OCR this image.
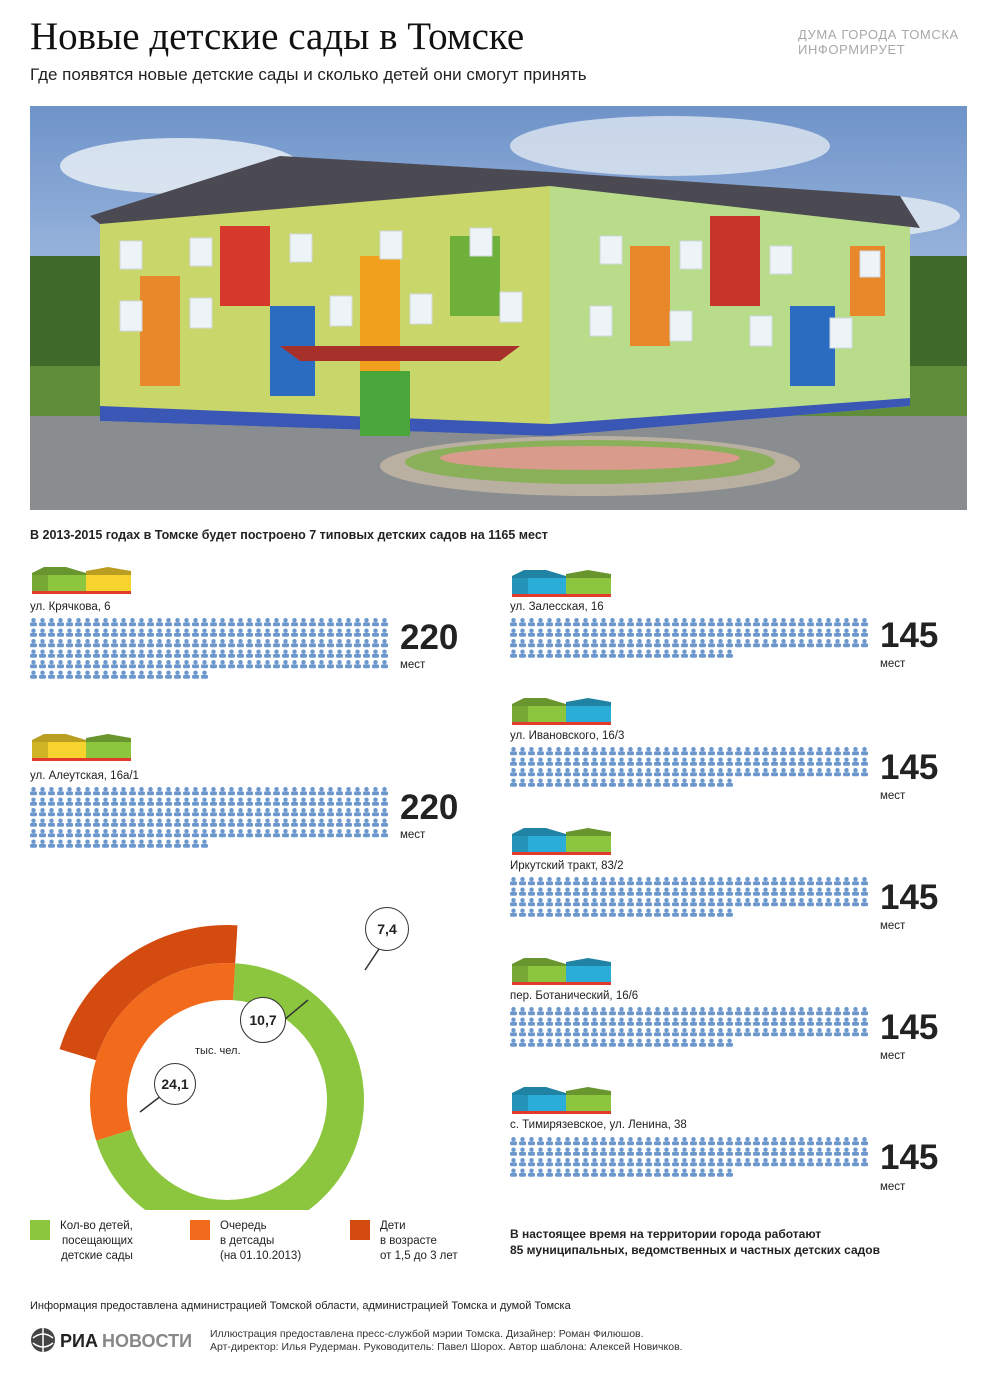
Новые детские сады в Томске
Где появятся новые детские сады и сколько детей они смогут принять
ДУМА ГОРОДА ТОМСКА
ИНФОРМИРУЕТ
В 2013-2015 годах в Томске будет построено 7 типовых детских садов на 1165 мест
ул. Крячкова, 6
220
мест
ул. Алеутская, 16а/1
220
мест
ул. Залесская, 16
145
мест
ул. Ивановского, 16/3
145
мест
Иркутский тракт, 83/2
145
мест
пер. Ботанический, 16/6
145
мест
с. Тимирязевское, ул. Ленина, 38
145
мест
тыс. чел.
24,1
10,7
7,4
Кол-во детей,
посещающих
детские сады
Очередь
в детсады
(на 01.10.2013)
Дети
в возрасте
от 1,5 до 3 лет
В настоящее время на территории города работают
85 муниципальных, ведомственных и частных детских садов
Информация предоставлена администрацией Томской области, администрацией Томска и думой Томска
РИА НОВОСТИ Иллюстрация предоставлена пресс-службой мэрии Томска. Дизайнер: Роман Филюшов.
Арт-директор: Илья Рудерман. Руководитель: Павел Шорох. Автор шаблона: Алексей Новичков.
